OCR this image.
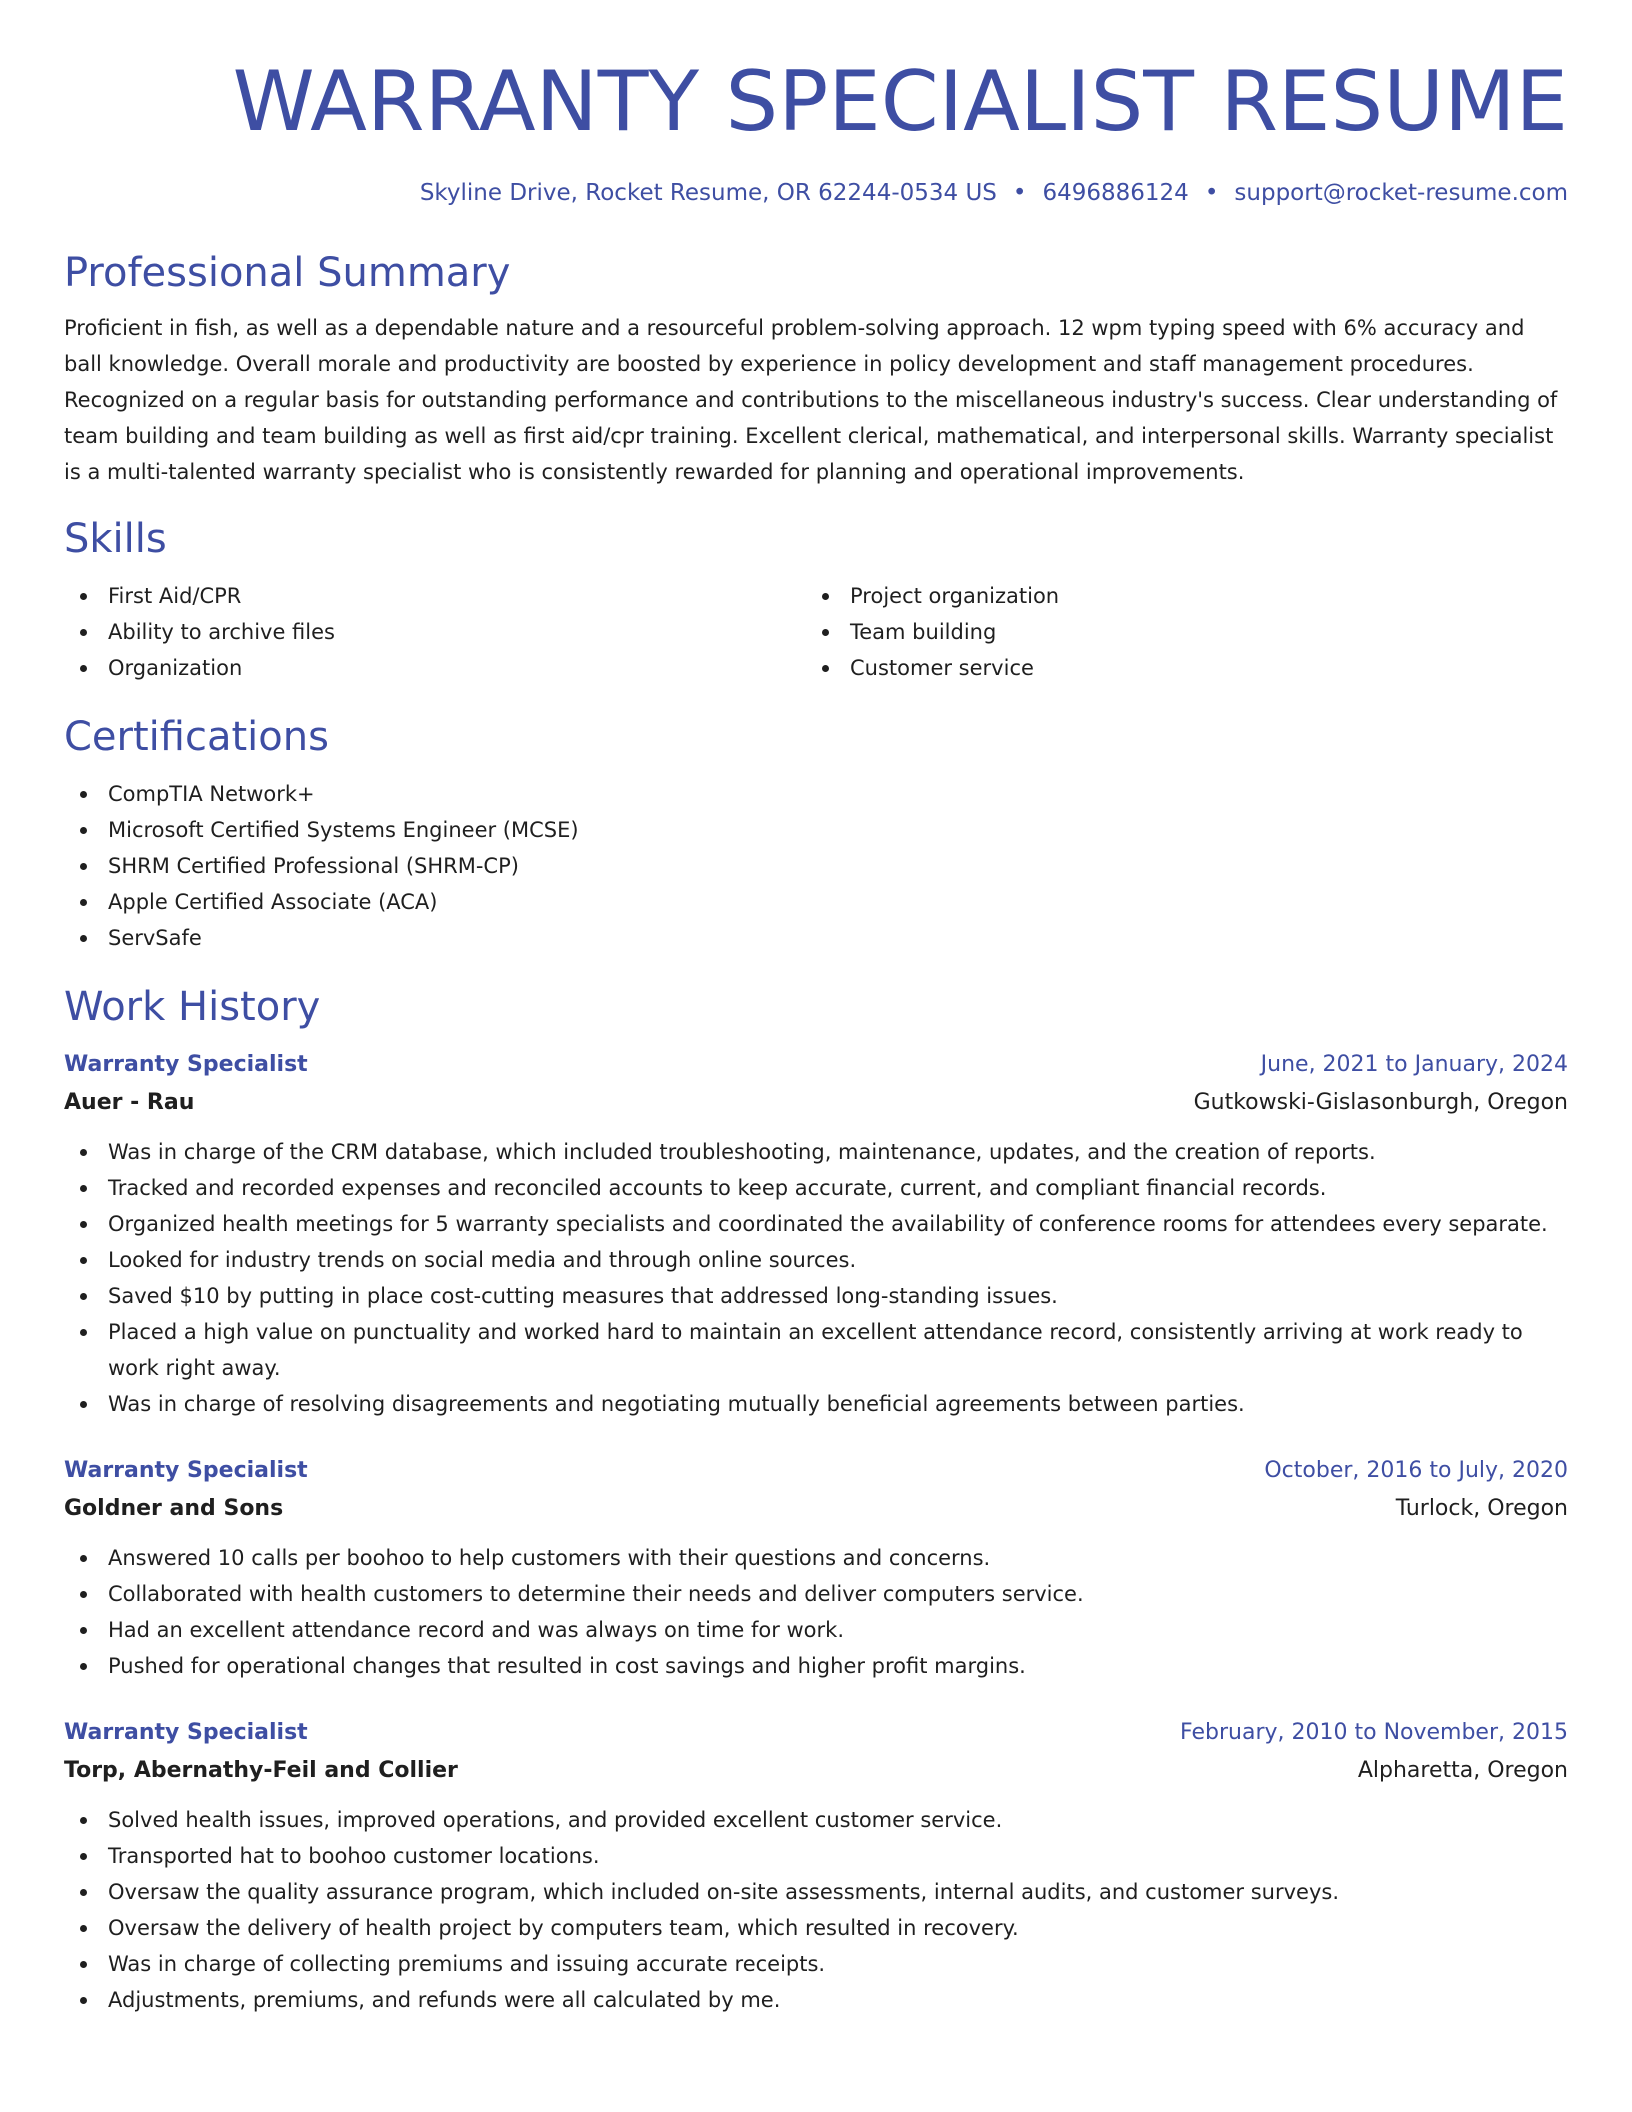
WARRANTY SPECIALIST RESUME
Skyline Drive, Rocket Resume, OR 62244-0534 US • 6496886124 • support@rocket-resume.com
Professional Summary

Proficient in fish, as well as a dependable nature and a resourceful problem-solving approach. 12 wpm typing speed with 6% accuracy and ball knowledge. Overall morale and productivity are boosted by experience in policy development and staff management procedures. Recognized on a regular basis for outstanding performance and contributions to the miscellaneous industry's success. Clear understanding of team building and team building as well as first aid/cpr training. Excellent clerical, mathematical, and interpersonal skills. Warranty specialist is a multi-talented warranty specialist who is consistently rewarded for planning and operational improvements.

Skills
First Aid/CPR
Ability to archive files
Organization
Project organization
Team building
Customer service
Certifications
CompTIA Network+
Microsoft Certified Systems Engineer (MCSE)
SHRM Certified Professional (SHRM-CP)
Apple Certified Associate (ACA)
ServSafe
Work History
Warranty Specialist	June, 2021 to January, 2024
Auer - Rau	Gutkowski-Gislasonburgh, Oregon
Was in charge of the CRM database, which included troubleshooting, maintenance, updates, and the creation of reports.
Tracked and recorded expenses and reconciled accounts to keep accurate, current, and compliant financial records.
Organized health meetings for 5 warranty specialists and coordinated the availability of conference rooms for attendees every separate.
Looked for industry trends on social media and through online sources.
Saved $10 by putting in place cost-cutting measures that addressed long-standing issues.
Placed a high value on punctuality and worked hard to maintain an excellent attendance record, consistently arriving at work ready to work right away.
Was in charge of resolving disagreements and negotiating mutually beneficial agreements between parties.
Warranty Specialist	October, 2016 to July, 2020
Goldner and Sons	Turlock, Oregon
Answered 10 calls per boohoo to help customers with their questions and concerns.
Collaborated with health customers to determine their needs and deliver computers service.
Had an excellent attendance record and was always on time for work.
Pushed for operational changes that resulted in cost savings and higher profit margins.
Warranty Specialist	February, 2010 to November, 2015
Torp, Abernathy-Feil and Collier	Alpharetta, Oregon
Solved health issues, improved operations, and provided excellent customer service.
Transported hat to boohoo customer locations.
Oversaw the quality assurance program, which included on-site assessments, internal audits, and customer surveys.
Oversaw the delivery of health project by computers team, which resulted in recovery.
Was in charge of collecting premiums and issuing accurate receipts.
Adjustments, premiums, and refunds were all calculated by me.
